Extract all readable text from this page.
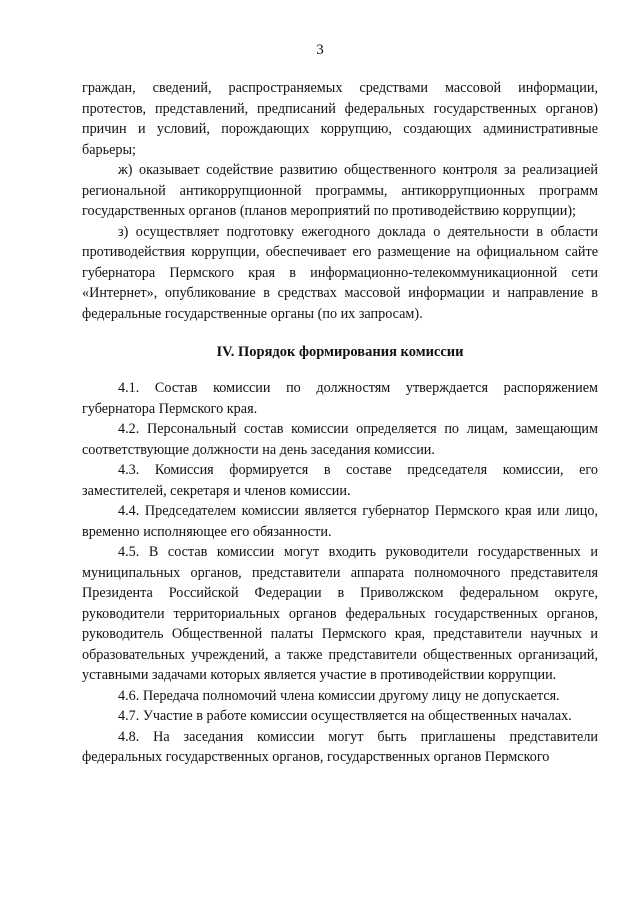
3

граждан, сведений, распространяемых средствами массовой информации, протестов, представлений, предписаний федеральных государственных органов) причин и условий, порождающих коррупцию, создающих административные барьеры;

ж) оказывает содействие развитию общественного контроля за реализацией региональной антикоррупционной программы, антикоррупционных программ государственных органов (планов мероприятий по противодействию коррупции);

з) осуществляет подготовку ежегодного доклада о деятельности в области противодействия коррупции, обеспечивает его размещение на официальном сайте губернатора Пермского края в информационно-телекоммуникационной сети «Интернет», опубликование в средствах массовой информации и направление в федеральные государственные органы (по их запросам).

IV. Порядок формирования комиссии

4.1. Состав комиссии по должностям утверждается распоряжением губернатора Пермского края.

4.2. Персональный состав комиссии определяется по лицам, замещающим соответствующие должности на день заседания комиссии.

4.3. Комиссия формируется в составе председателя комиссии, его заместителей, секретаря и членов комиссии.

4.4. Председателем комиссии является губернатор Пермского края или лицо, временно исполняющее его обязанности.

4.5. В состав комиссии могут входить руководители государственных и муниципальных органов, представители аппарата полномочного представителя Президента Российской Федерации в Приволжском федеральном округе, руководители территориальных органов федеральных государственных органов, руководитель Общественной палаты Пермского края, представители научных и образовательных учреждений, а также представители общественных организаций, уставными задачами которых является участие в противодействии коррупции.

4.6. Передача полномочий члена комиссии другому лицу не допускается.

4.7. Участие в работе комиссии осуществляется на общественных началах.

4.8. На заседания комиссии могут быть приглашены представители федеральных государственных органов, государственных органов Пермского
